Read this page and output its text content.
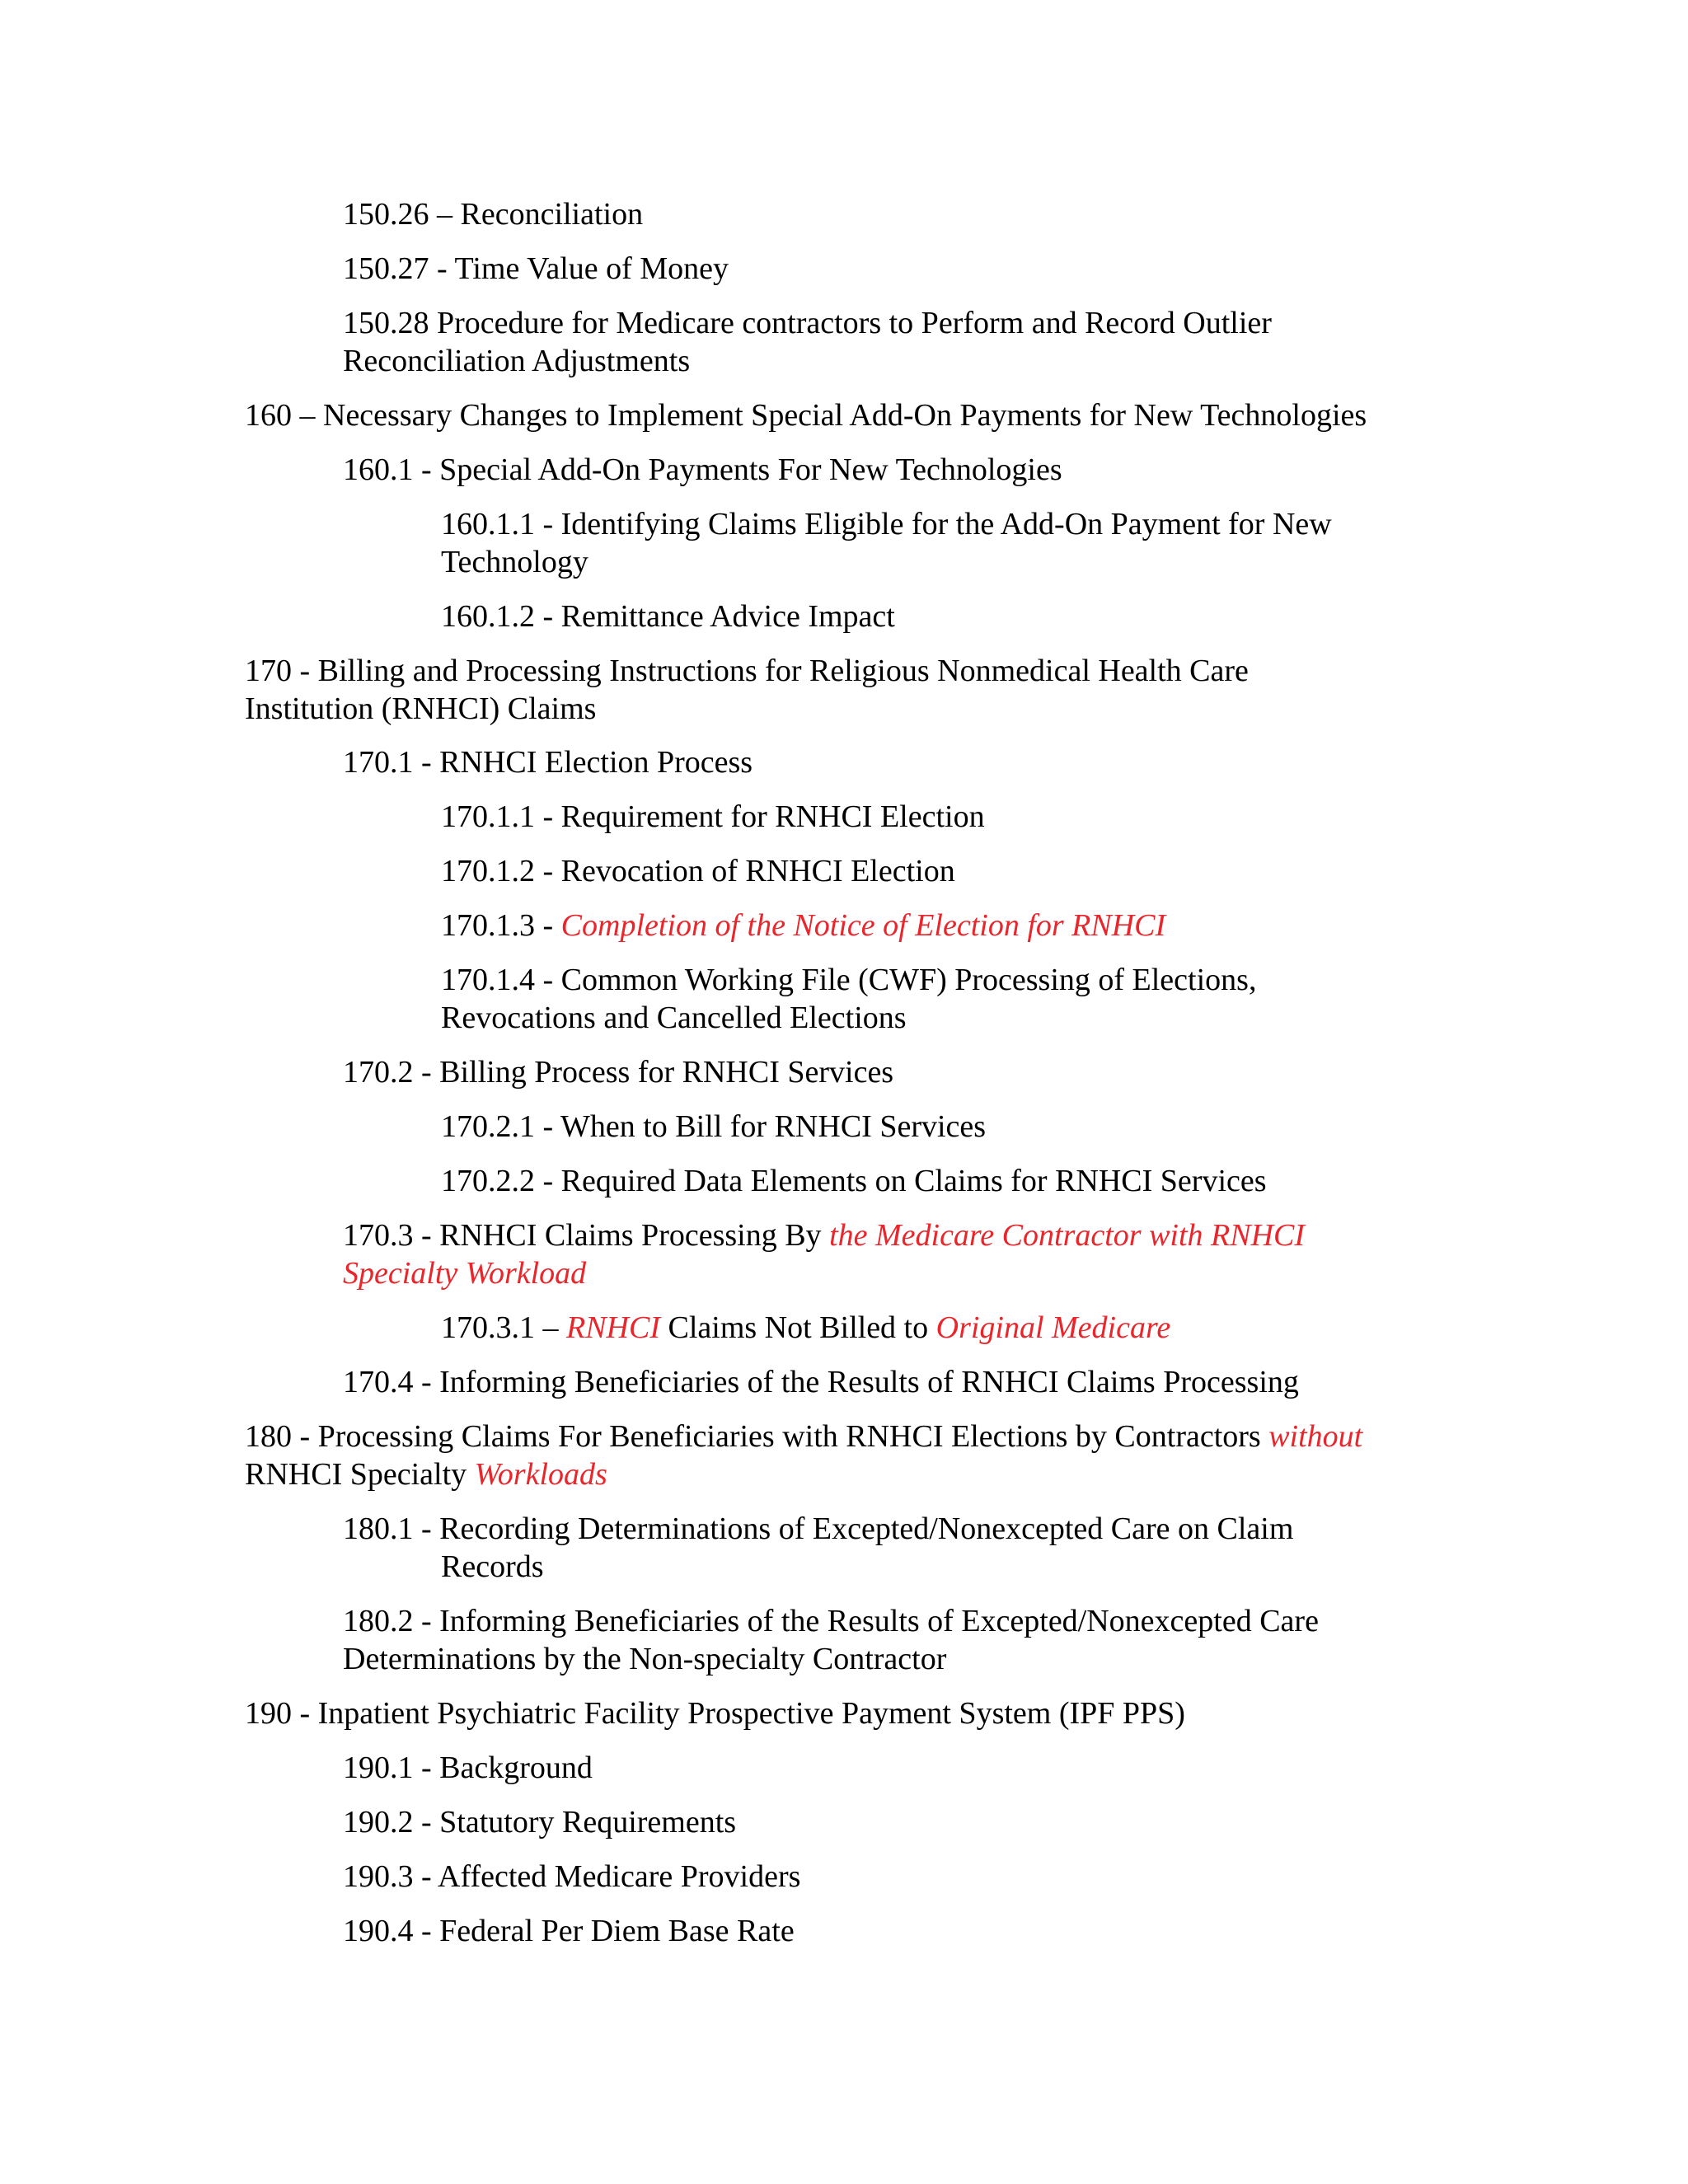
150.26 – Reconciliation

150.27 - Time Value of Money

150.28 Procedure for Medicare contractors to Perform and Record Outlier
Reconciliation Adjustments

160 – Necessary Changes to Implement Special Add-On Payments for New Technologies

160.1 - Special Add-On Payments For New Technologies

160.1.1 - Identifying Claims Eligible for the Add-On Payment for New
Technology

160.1.2 - Remittance Advice Impact

170 - Billing and Processing Instructions for Religious Nonmedical Health Care
Institution (RNHCI) Claims

170.1 - RNHCI Election Process

170.1.1 - Requirement for RNHCI Election

170.1.2 - Revocation of RNHCI Election

170.1.3 - Completion of the Notice of Election for RNHCI

170.1.4 - Common Working File (CWF) Processing of Elections,
Revocations and Cancelled Elections

170.2 - Billing Process for RNHCI Services

170.2.1 - When to Bill for RNHCI Services

170.2.2 - Required Data Elements on Claims for RNHCI Services

170.3 - RNHCI Claims Processing By the Medicare Contractor with RNHCI
Specialty Workload

170.3.1 – RNHCI Claims Not Billed to Original Medicare

170.4 - Informing Beneficiaries of the Results of RNHCI Claims Processing

180 - Processing Claims For Beneficiaries with RNHCI Elections by Contractors without
RNHCI Specialty Workloads

180.1 - Recording Determinations of Excepted/Nonexcepted Care on Claim
Records

180.2 - Informing Beneficiaries of the Results of Excepted/Nonexcepted Care
Determinations by the Non-specialty Contractor

190 - Inpatient Psychiatric Facility Prospective Payment System (IPF PPS)

190.1 - Background

190.2 - Statutory Requirements

190.3 - Affected Medicare Providers

190.4 - Federal Per Diem Base Rate
